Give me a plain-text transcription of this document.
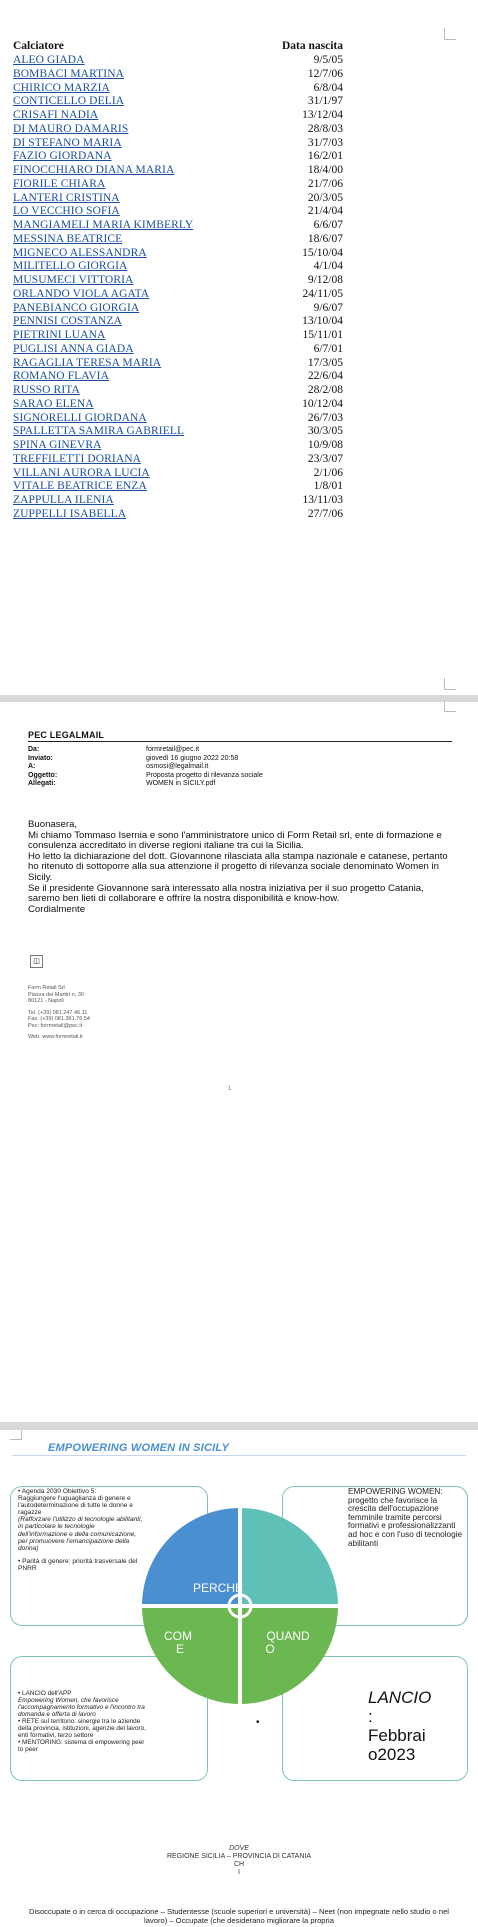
Calciatore	Data nascita
ALEO GIADA	9/5/05
BOMBACI MARTINA	12/7/06
CHIRICO MARZIA	6/8/04
CONTICELLO DELIA	31/1/97
CRISAFI NADIA	13/12/04
DI MAURO DAMARIS	28/8/03
DI STEFANO MARIA	31/7/03
FAZIO GIORDANA	16/2/01
FINOCCHIARO DIANA MARIA	18/4/00
FIORILE CHIARA	21/7/06
LANTERI CRISTINA	20/3/05
LO VECCHIO SOFIA	21/4/04
MANGIAMELI MARIA KIMBERLY	6/6/07
MESSINA BEATRICE	18/6/07
MIGNECO ALESSANDRA	15/10/04
MILITELLO GIORGIA	4/1/04
MUSUMECI VITTORIA	9/12/08
ORLANDO VIOLA AGATA	24/11/05
PANEBIANCO GIORGIA	9/6/07
PENNISI COSTANZA	13/10/04
PIETRINI LUANA	15/11/01
PUGLISI ANNA GIADA	6/7/01
RAGAGLIA TERESA MARIA	17/3/05
ROMANO FLAVIA	22/6/04
RUSSO RITA	28/2/08
SARAO ELENA	10/12/04
SIGNORELLI GIORDANA	26/7/03
SPALLETTA SAMIRA GABRIELL	30/3/05
SPINA GINEVRA	10/9/08
TREFFILETTI DORIANA	23/3/07
VILLANI AURORA LUCIA	2/1/06
VITALE BEATRICE ENZA	1/8/01
ZAPPULLA ILENIA	13/11/03
ZUPPELLI ISABELLA	27/7/06
PEC LEGALMAIL
Da:	formretail@pec.it
Inviato:	giovedì 16 giugno 2022 20:58
A:	osmosi@legalmail.it
Oggetto:	Proposta progetto di rilevanza sociale
Allegati:	WOMEN in SICILY.pdf

Buonasera,

Mi chiamo Tommaso Isernia e sono l'amministratore unico di Form Retail srl, ente di formazione e consulenza accreditato in diverse regioni italiane tra cui la Sicilia.

Ho letto la dichiarazione del dott. Giovannone rilasciata alla stampa nazionale e catanese, pertanto ho ritenuto di sottoporre alla sua attenzione il progetto di rilevanza sociale denominato Women in Sicily.

Se il presidente Giovannone sarà interessato alla nostra iniziativa per il suo progetto Catania, saremo ben lieti di collaborare e offrire la nostra disponibilità e know-how.

Cordialmente

◫
Form Retail Srl
Piazza dei Martiri n. 30
80121 - Napoli
Tel. (+39) 081.247.46.11
Fax. (+39) 081.361.76.54
Pec: formretail@pec.it
Web: www.formretail.it
1
EMPOWERING WOMEN IN SICILY
• Agenda 2030 Obiettivo 5:
Raggiungere l'uguaglianza di genere e l'autodeterminazione di tutte le donne e ragazze
(Rafforzare l'utilizzo di tecnologie abilitanti, in particolare le tecnologie dell'informazione e della comunicazione, per promuovere l'emancipazione della donna)
• Parità di genere: priorità trasversale del PNRR
EMPOWERING WOMEN:
progetto che favorisce la crescita dell'occupazione femminile tramite percorsi formativi e professionalizzanti ad hoc e con l'uso di tecnologie abilitanti
• LANCIO dell'APP
Empowering Women, che favorisce l'accompagnamento formativo e l'incontro tra domanda e offerta di lavoro
• RETE sul territorio: sinergie tra le aziende della provincia, istituzioni, agenzie del lavoro, enti formativi, terzo settore
• MENTORING: sistema di empowering peer to peer
PERCHÉ
COM
E
QUAND
O
•
LANCIO
:
Febbrai
o2023
DOVE
REGIONE SICILIA – PROVINCIA DI CATANIA
CH
I
Disoccupate o in cerca di occupazione – Studentesse (scuole superiori e università) – Neet (non impegnate nello studio o nel lavoro) – Occupate (che desiderano migliorare la propria
